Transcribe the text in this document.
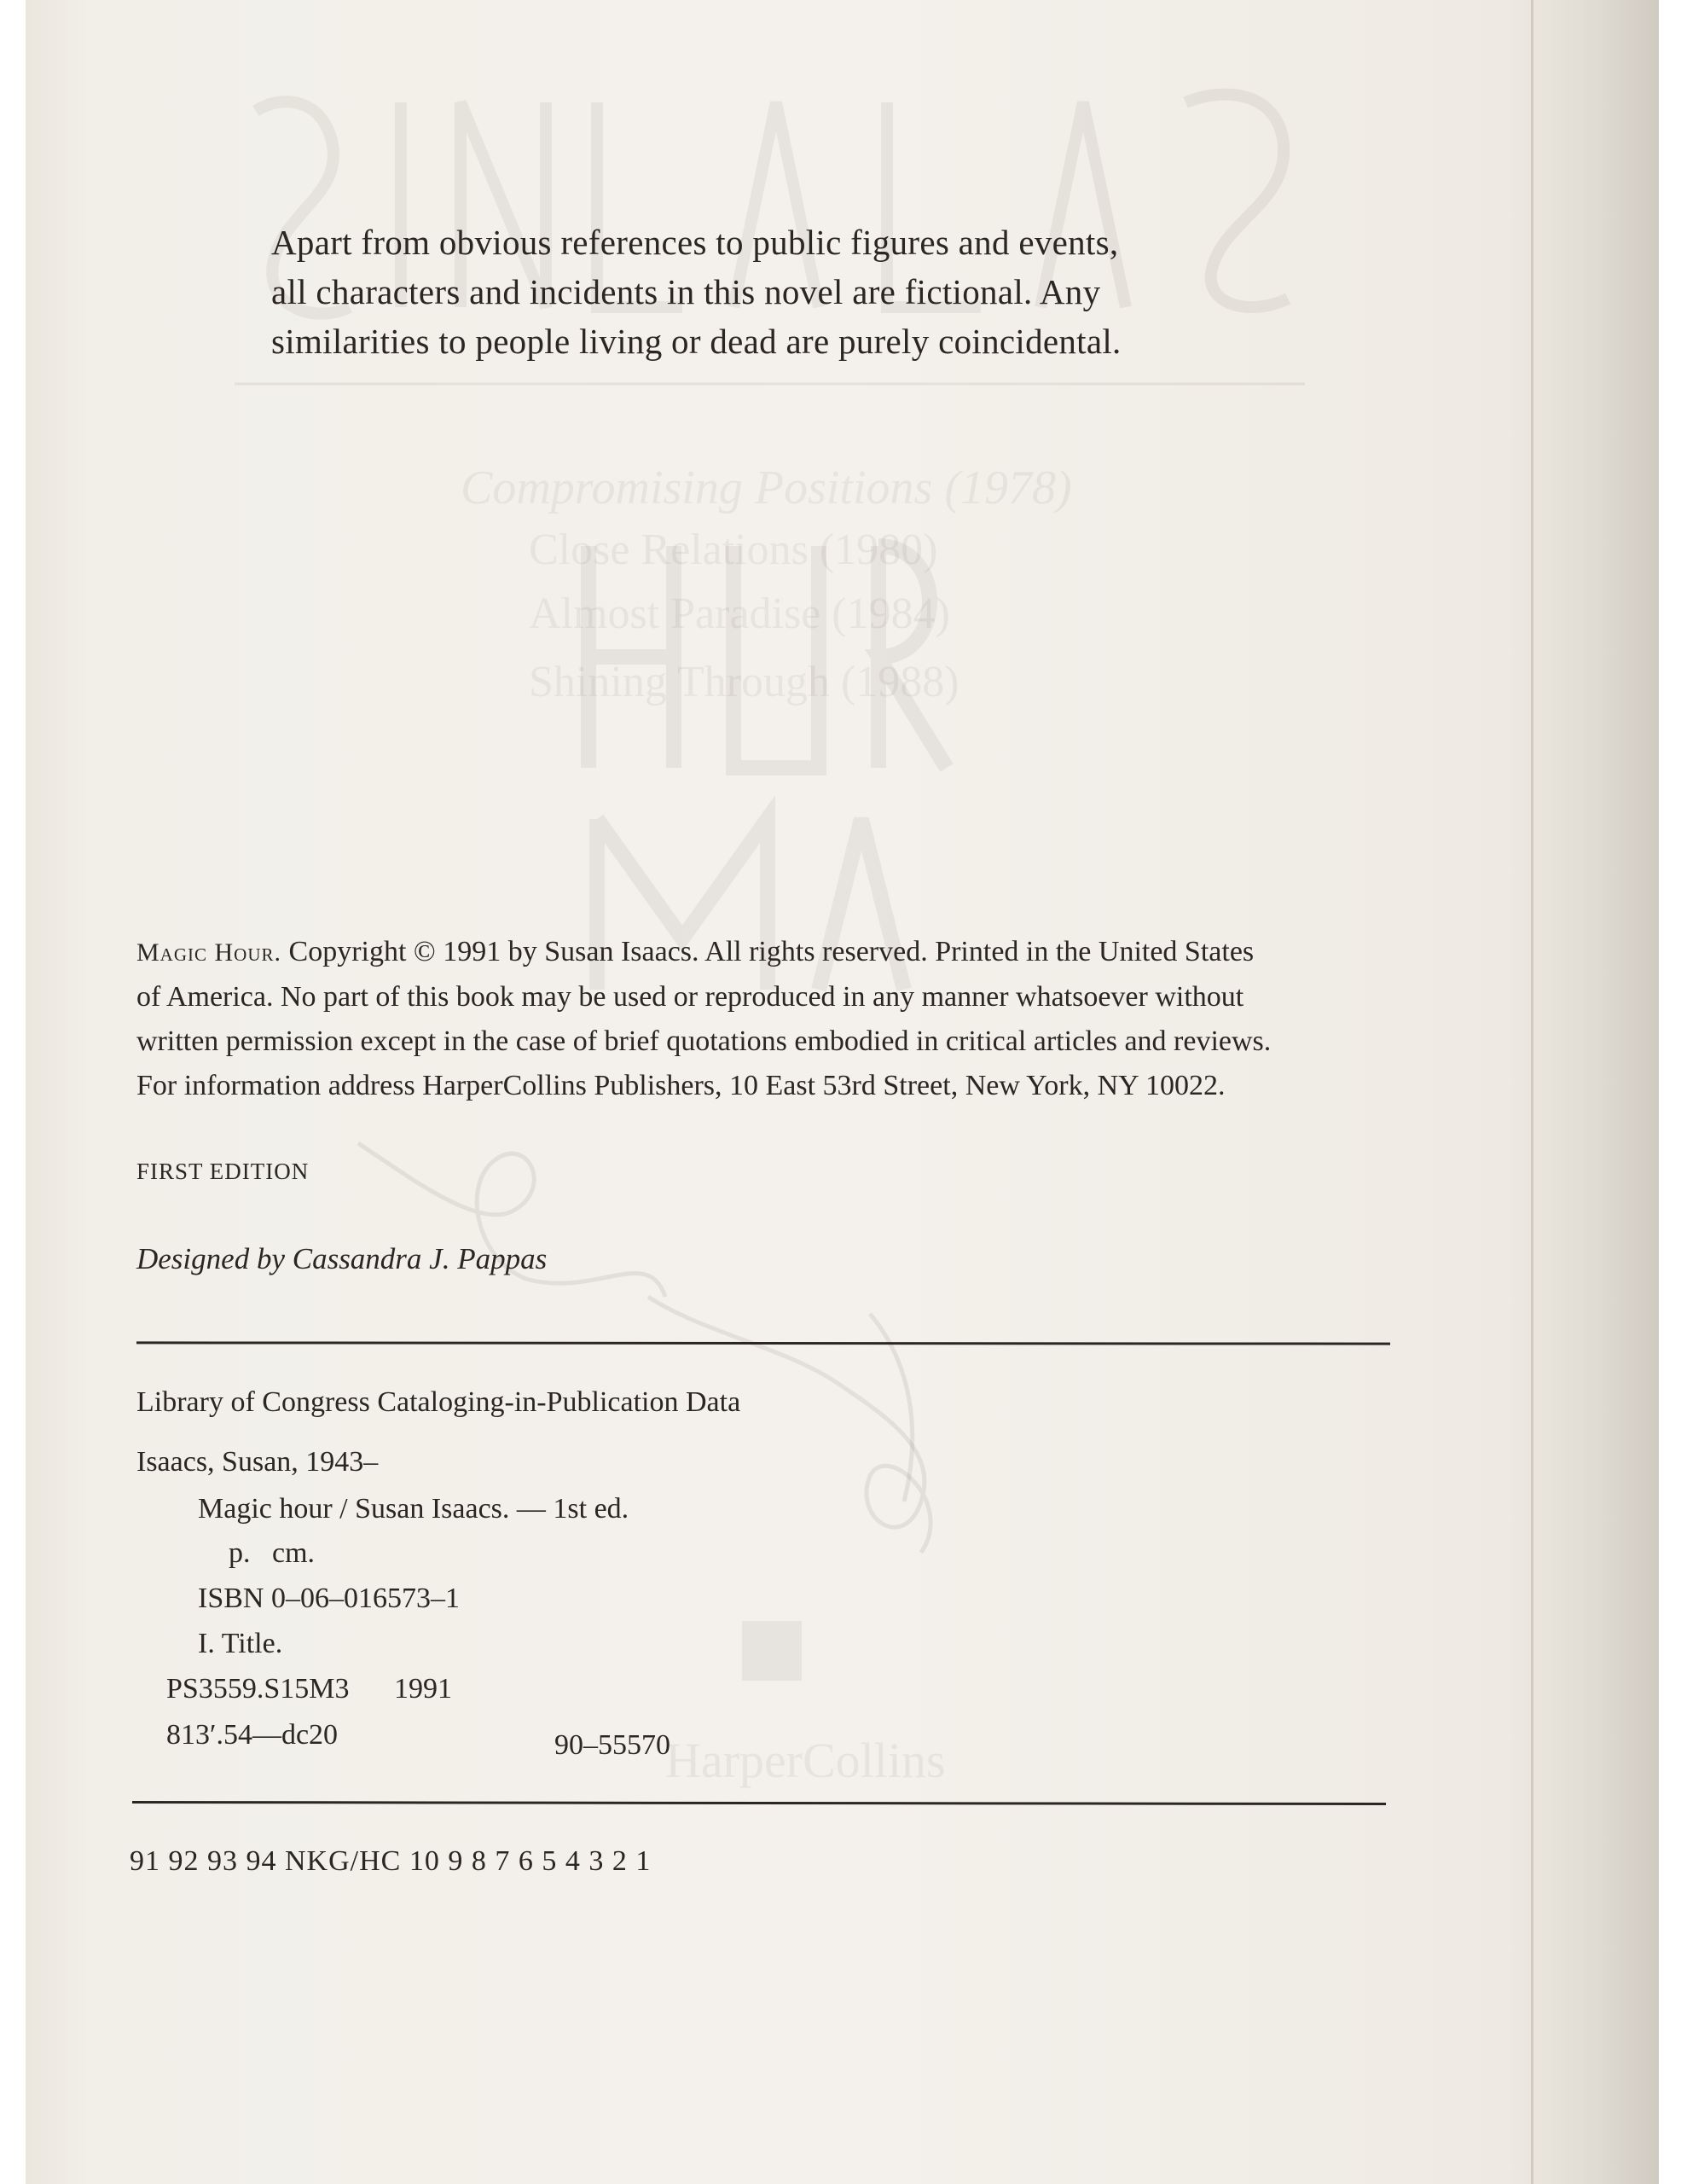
Compromising Positions (1978)
Close Relations (1980)
Almost Paradise (1984)
Shining Through (1988)
HarperCollins
Apart from obvious references to public figures and events,
all characters and incidents in this novel are fictional. Any
similarities to people living or dead are purely coincidental.
Magic Hour. Copyright © 1991 by Susan Isaacs. All rights reserved. Printed in the United States
of America. No part of this book may be used or reproduced in any manner whatsoever without
written permission except in the case of brief quotations embodied in critical articles and reviews.
For information address HarperCollins Publishers, 10 East 53rd Street, New York, NY 10022.
FIRST EDITION
Designed by Cassandra J. Pappas
Library of Congress Cataloging-in-Publication Data
Isaacs, Susan, 1943–
Magic hour / Susan Isaacs. — 1st ed.
p.   cm.
ISBN 0–06–016573–1
I. Title.
PS3559.S15M3 1991
813′.54—dc20	90–55570
91 92 93 94 NKG/HC 10 9 8 7 6 5 4 3 2 1
